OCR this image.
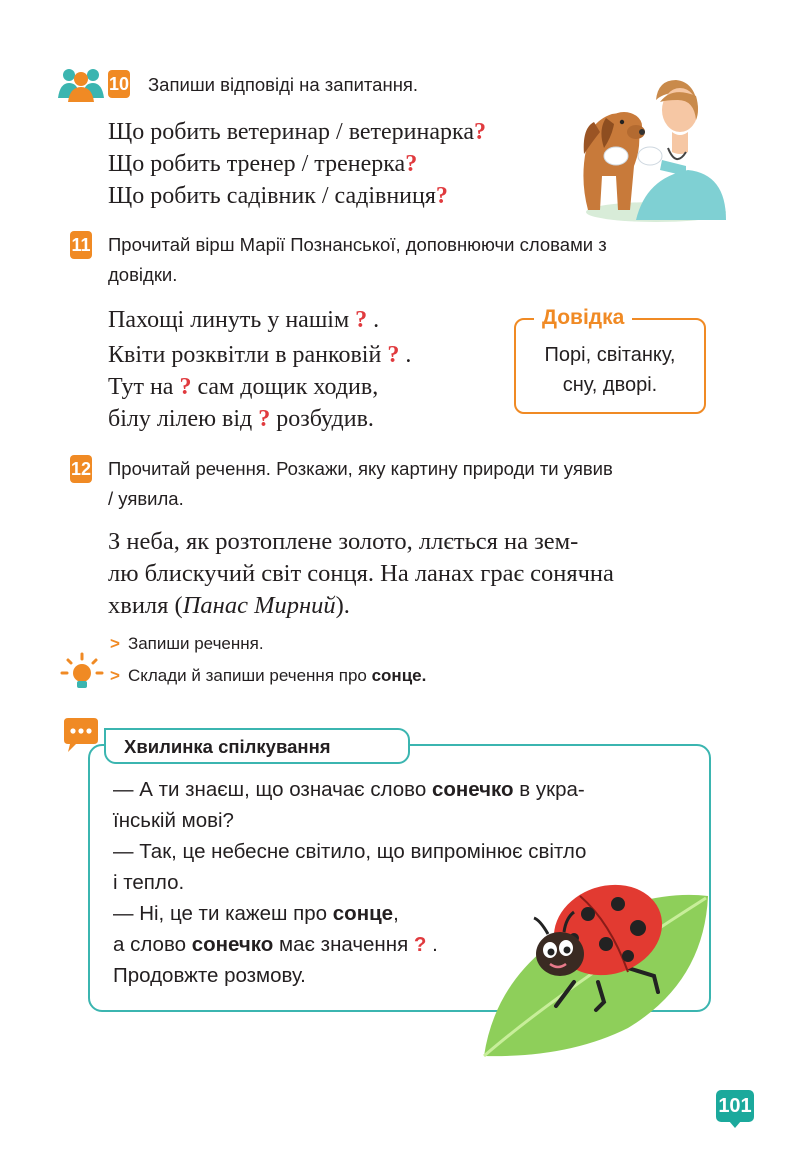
10 Запиши відповіді на запитання.
Що робить ветеринар / ветеринарка?
Що робить тренер / тренерка?
Що робить садівник / садівниця?
11 Прочитай вірш Марії Познанської, доповнюючи словами з
довідки.
Пахощі линуть у нашім ? .
Квіти розквітли в ранковій ? .
Тут на ? сам дощик ходив,
білу лілею від ? розбудив.
Довідка
Порі, світанку,
сну, дворі.
12 Прочитай речення. Розкажи, яку картину природи ти уявив
/ уявила.
З неба, як розтоплене золото, ллється на зем-
лю блискучий світ сонця. На ланах грає сонячна
хвиля (Панас Мирний).
> Запиши речення.
> Склади й запиши речення про сонце.
Хвилинка спілкування
— А ти знаєш, що означає слово сонечко в укра-
їнській мові?
— Так, це небесне світило, що випромінює світло
і тепло.
— Ні, це ти кажеш про сонце,
а слово сонечко має значення ? .
Продовжте розмову.
101
